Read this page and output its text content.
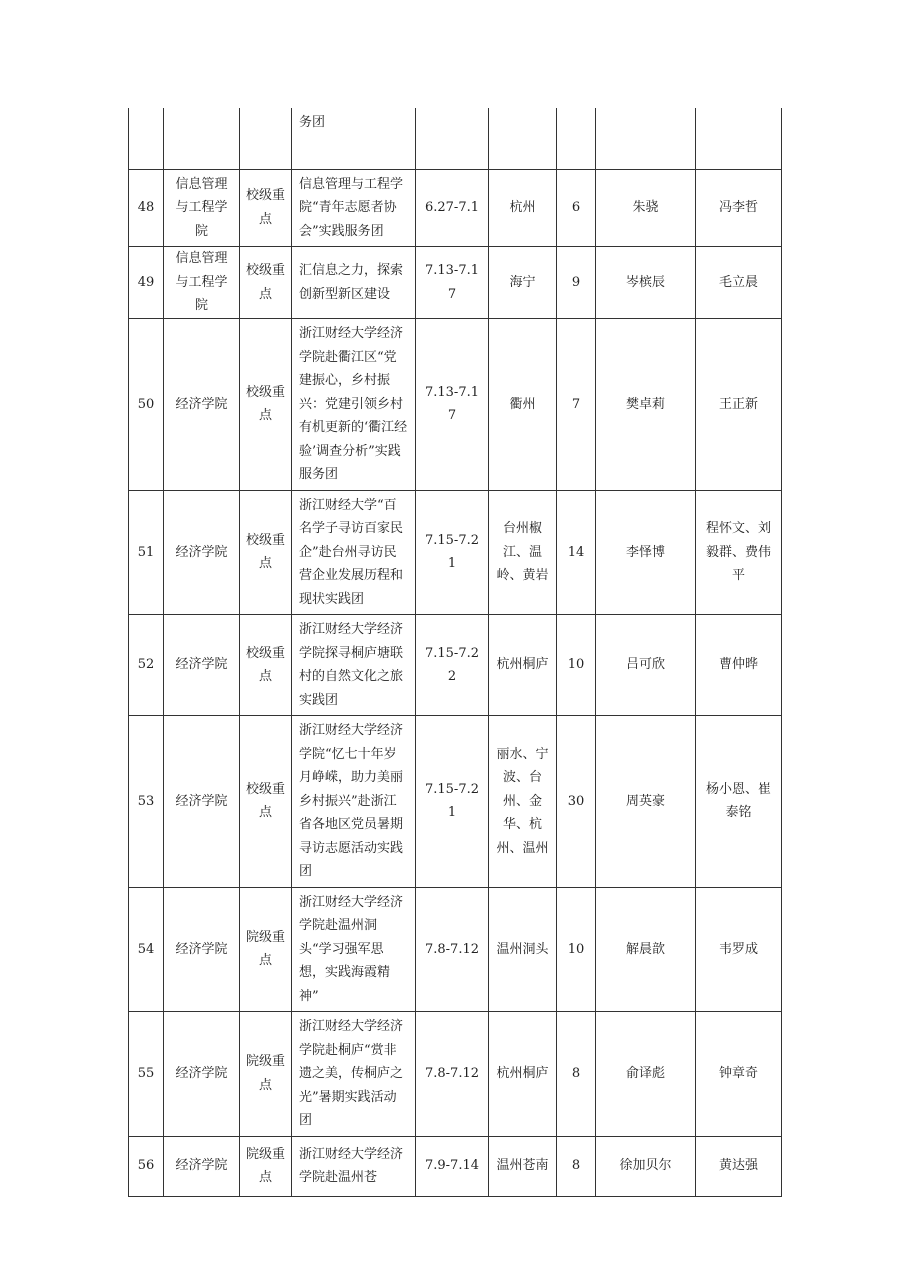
			务团					
48	信息管理与工程学院	校级重点	信息管理与工程学院“青年志愿者协会”实践服务团	6.27-7.1	杭州	6	朱骁	冯李哲
49	信息管理与工程学院	校级重点	汇信息之力，探索创新型新区建设	7.13-7.17	海宁	9	岑槟辰	毛立晨
50	经济学院	校级重点	浙江财经大学经济学院赴衢江区“党建振心，乡村振兴：党建引领乡村有机更新的‘衢江经验’调查分析”实践服务团	7.13-7.17	衢州	7	樊卓莉	王正新
51	经济学院	校级重点	浙江财经大学“百名学子寻访百家民企”赴台州寻访民营企业发展历程和现状实践团	7.15-7.21	台州椒江、温岭、黄岩	14	李怿博	程怀文、刘毅群、费伟平
52	经济学院	校级重点	浙江财经大学经济学院探寻桐庐塘联村的自然文化之旅实践团	7.15-7.22	杭州桐庐	10	吕可欣	曹仲晔
53	经济学院	校级重点	浙江财经大学经济学院“忆七十年岁月峥嵘，助力美丽乡村振兴”赴浙江省各地区党员暑期寻访志愿活动实践团	7.15-7.21	丽水、宁波、台州、金华、杭州、温州	30	周英豪	杨小恩、崔泰铭
54	经济学院	院级重点	浙江财经大学经济学院赴温州洞头“学习强军思想，实践海霞精神”	7.8-7.12	温州洞头	10	解晨歆	韦罗成
55	经济学院	院级重点	浙江财经大学经济学院赴桐庐“赏非遗之美，传桐庐之光”暑期实践活动团	7.8-7.12	杭州桐庐	8	俞译彪	钟章奇
56	经济学院	院级重点	浙江财经大学经济学院赴温州苍	7.9-7.14	温州苍南	8	徐加贝尔	黄达强
